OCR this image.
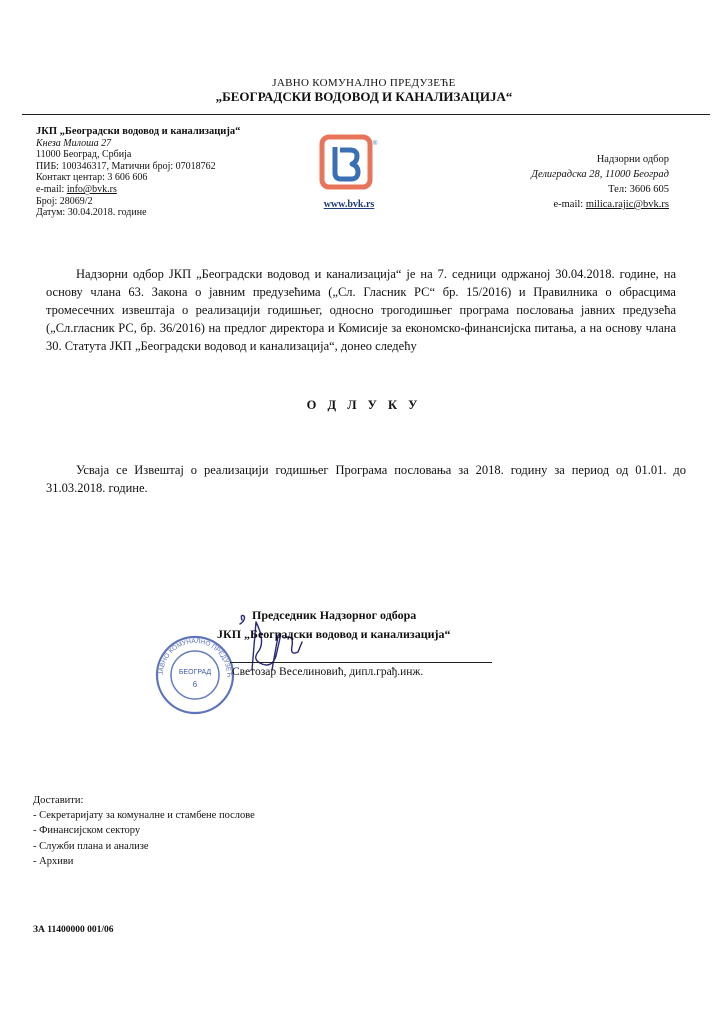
ЈАВНО КОМУНАЛНО ПРЕДУЗЕЋЕ
„БЕОГРАДСКИ ВОДОВОД И КАНАЛИЗАЦИЈА“
ЈКП „Београдски водовод и канализација“
Кнеза Милоша 27
11000 Београд, Србија
ПИБ: 100346317, Матични број: 07018762
Контакт центар: 3 606 606
e-mail: info@bvk.rs
Број: 28069/2
Датум: 30.04.2018. године
®
www.bvk.rs
Надзорни одбор
Делиградска 28, 11000 Београд
Тел: 3606 605
e-mail: milica.rajic@bvk.rs
Надзорни одбор ЈКП „Београдски водовод и канализација“ је на 7. седници одржаној 30.04.2018. године, на основу члана 63. Закона о јавним предузећима („Сл. Гласник РС“ бр. 15/2016) и Правилника о обрасцима тромесечних извештаја о реализацији годишњег, односно трогодишњег програма пословања јавних предузећа („Сл.гласник РС, бр. 36/2016) на предлог директора и Комисије за економско-финансијска питања, а на основу члана 30. Статута ЈКП „Београдски водовод и канализација“, донео следећу
О Д Л У К У
Усваја се Извештај о реализацији годишњег Програма пословања за 2018. годину за период од 01.01. до 31.03.2018. године.
ЈАВНО КОМУНАЛНО ПРЕДУЗЕЋ
БЕОГРАД
6
Председник Надзорног одбора
ЈКП „Београдски водовод и канализација“
Светозар Веселиновић, дипл.грађ.инж.
Доставити:
- Секретаријату за комуналне и стамбене послове
- Финансијском сектору
- Служби плана и анализе
- Архиви
ЗА 11400000 001/06
